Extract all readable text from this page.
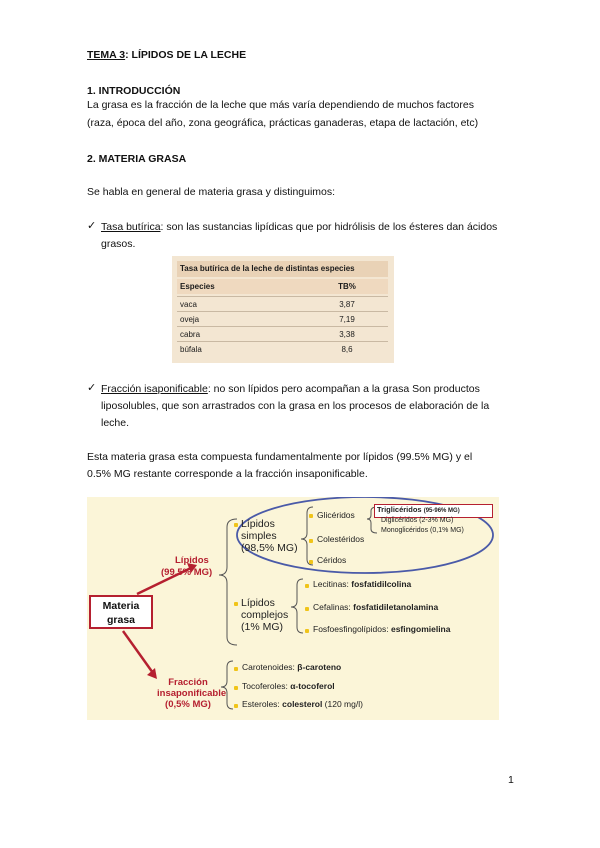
TEMA 3: LÍPIDOS DE LA LECHE
1. INTRODUCCIÓN
La grasa es la fracción de la leche que más varía dependiendo de muchos factores
(raza, época del año, zona geográfica, prácticas ganaderas, etapa de lactación, etc)
2. MATERIA GRASA
Se habla en general de materia grasa y distinguimos:
✓ Tasa butírica: son las sustancias lipídicas que por hidrólisis de los ésteres dan ácidos
grasos.
Tasa butírica de la leche de distintas especies
Especies	TB%
vaca	3,87
oveja	7,19
cabra	3,38
búfala	8,6
✓ Fracción isaponificable: no son lípidos pero acompañan a la grasa Son productos
liposolubles, que son arrastrados con la grasa en los procesos de elaboración de la
leche.
Esta materia grasa esta compuesta fundamentalmente por lípidos (99.5% MG) y el
0.5% MG restante corresponde a la fracción insaponificable.
Materia
grasa
Lípidos
(99,5% MG)
Lípidos
simples
(98,5% MG)
Glicéridos
Triglicéridos (95-96% MG)
Diglicéridos (2-3% MG)
Monoglicéridos (0,1% MG)
Colestéridos
Céridos
Lípidos
complejos
(1% MG)
Lecitinas: fosfatidilcolina
Cefalinas: fosfatidiletanolamina
Fosfoesfingolípidos: esfingomielina
Fracción
insaponificable
(0,5% MG)
Carotenoides: β-caroteno
Tocoferoles: α-tocoferol
Esteroles: colesterol (120 mg/l)
1
